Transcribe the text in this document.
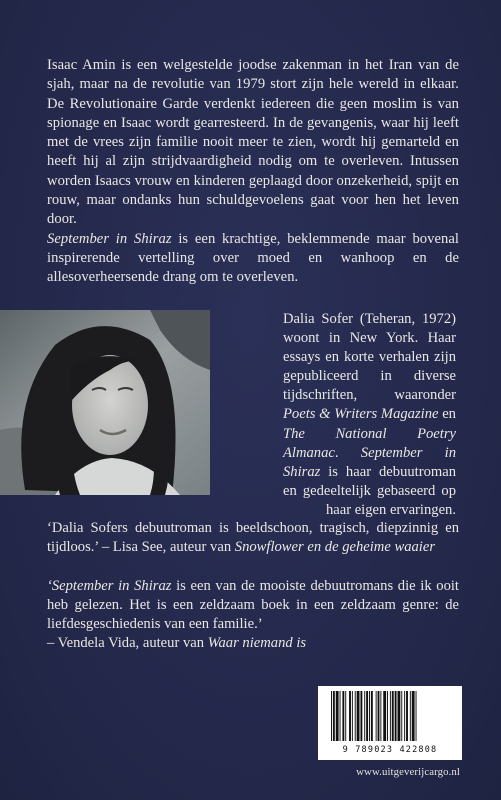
Isaac Amin is een welgestelde joodse zakenman in het Iran van de sjah, maar na de revolutie van 1979 stort zijn hele wereld in elkaar. De Revolutionaire Garde verdenkt iedereen die geen moslim is van spionage en Isaac wordt gearresteerd. In de gevangenis, waar hij leeft met de vrees zijn familie nooit meer te zien, wordt hij gemarteld en heeft hij al zijn strijdvaardigheid nodig om te overleven. Intussen worden Isaacs vrouw en kinderen geplaagd door onzekerheid, spijt en rouw, maar ondanks hun schuldgevoelens gaat voor hen het leven door.

September in Shiraz is een krachtige, beklemmende maar bovenal inspirerende vertelling over moed en wanhoop en de allesoverheersende drang om te overleven.

Dalia Sofer (Teheran, 1972) woont in New York. Haar essays en korte verhalen zijn gepubliceerd in diverse tijdschriften, waaronder Poets & Writers Magazine en The National Poetry Almanac. September in Shiraz is haar debuutroman en gedeeltelijk gebaseerd op haar eigen ervaringen.

‘Dalia Sofers debuutroman is beeldschoon, tragisch, diepzinnig en tijdloos.’ – Lisa See, auteur van Snowflower en de geheime waaier

‘September in Shiraz is een van de mooiste debuutromans die ik ooit heb gelezen. Het is een zeldzaam boek in een zeldzaam genre: de liefdesgeschiedenis van een familie.’

– Vendela Vida, auteur van Waar niemand is

9 789023 422808
www.uitgeverijcargo.nl
